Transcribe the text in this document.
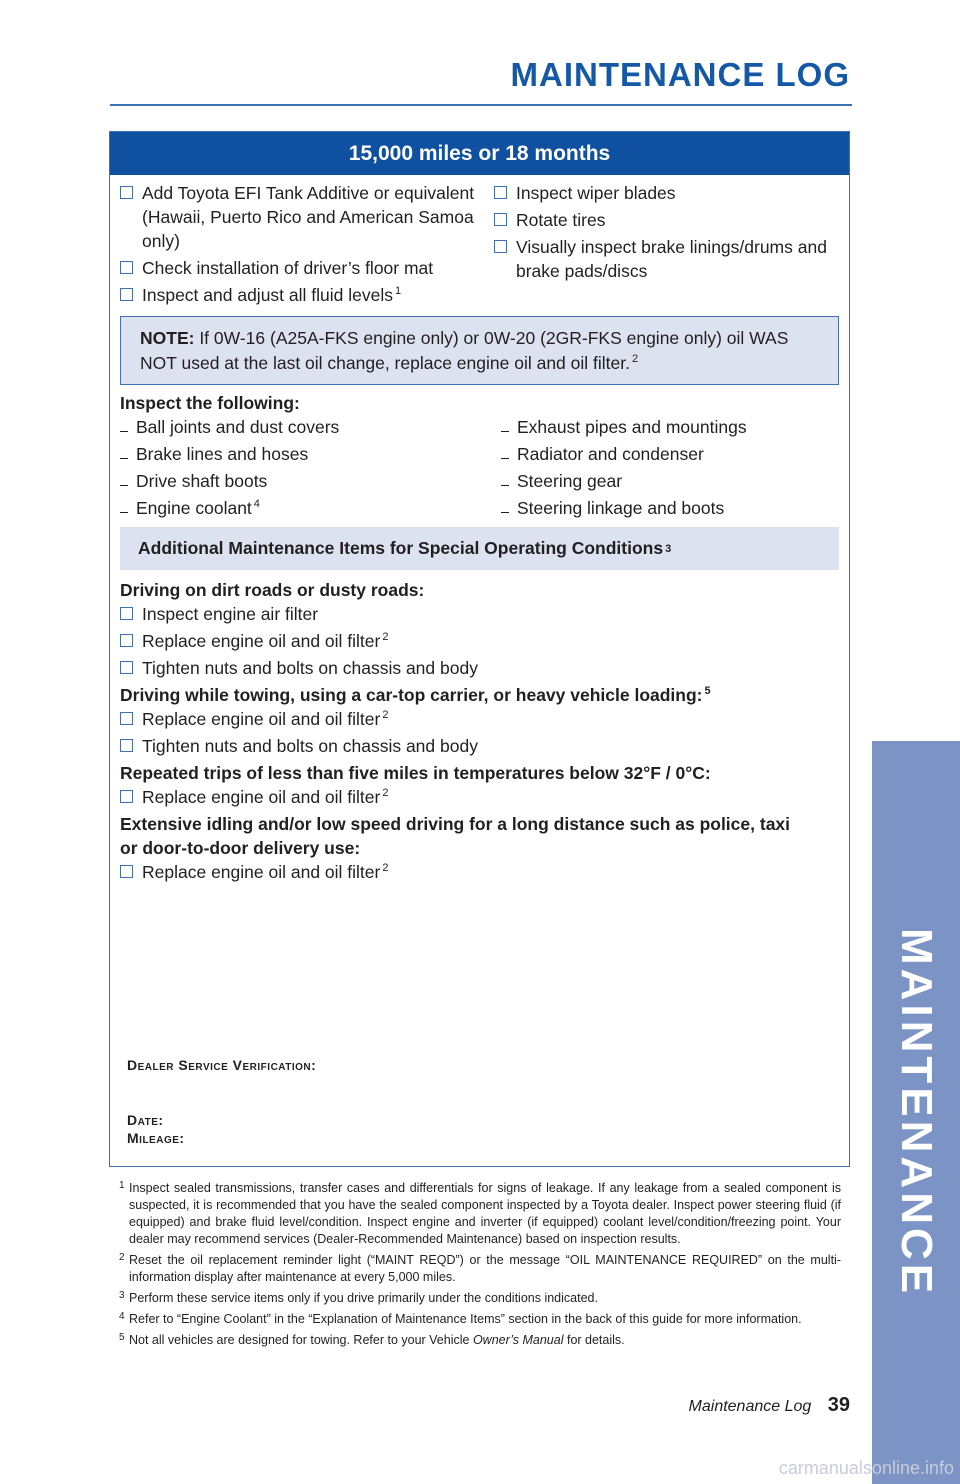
MAINTENANCE LOG
MAINTENANCE
15,000 miles or 18 months
Add Toyota EFI Tank Additive or equivalent (Hawaii, Puerto Rico and American Samoa only)
Check installation of driver’s floor mat
Inspect and adjust all fluid levels $^1$
Inspect wiper blades
Rotate tires
Visually inspect brake linings/drums and brake pads/discs
NOTE: If 0W-16 (A25A-FKS engine only) or 0W-20 (2GR-FKS engine only) oil WAS NOT used at the last oil change, replace engine oil and oil filter. $^2$
Inspect the following:
Ball joints and dust covers
Brake lines and hoses
Drive shaft boots
Engine coolant $^4$
Exhaust pipes and mountings
Radiator and condenser
Steering gear
Steering linkage and boots
Additional Maintenance Items for Special Operating Conditions 3
Driving on dirt roads or dusty roads:
Inspect engine air filter
Replace engine oil and oil filter $^2$
Tighten nuts and bolts on chassis and body
Driving while towing, using a car-top carrier, or heavy vehicle loading: $^5$
Replace engine oil and oil filter $^2$
Tighten nuts and bolts on chassis and body
Repeated trips of less than five miles in temperatures below 32°F / 0°C:
Replace engine oil and oil filter $^2$
Extensive idling and/or low speed driving for a long distance such as police, taxi or door-to-door delivery use:
Replace engine oil and oil filter $^2$
Dealer Service Verification:
Date:
Mileage:
1 Inspect sealed transmissions, transfer cases and differentials for signs of leakage. If any leakage from a sealed component is suspected, it is recommended that you have the sealed component inspected by a Toyota dealer. Inspect power steering fluid (if equipped) and brake fluid level/condition. Inspect engine and inverter (if equipped) coolant level/condition/freezing point. Your dealer may recommend services (Dealer-Recommended Maintenance) based on inspection results.
2 Reset the oil replacement reminder light (“MAINT REQD”) or the message “OIL MAINTENANCE REQUIRED” on the multi-information display after maintenance at every 5,000 miles.
3 Perform these service items only if you drive primarily under the conditions indicated.
4 Refer to “Engine Coolant” in the “Explanation of Maintenance Items” section in the back of this guide for more information.
5 Not all vehicles are designed for towing. Refer to your Vehicle Owner’s Manual for details.
Maintenance Log 39
carmanualsonline.info
